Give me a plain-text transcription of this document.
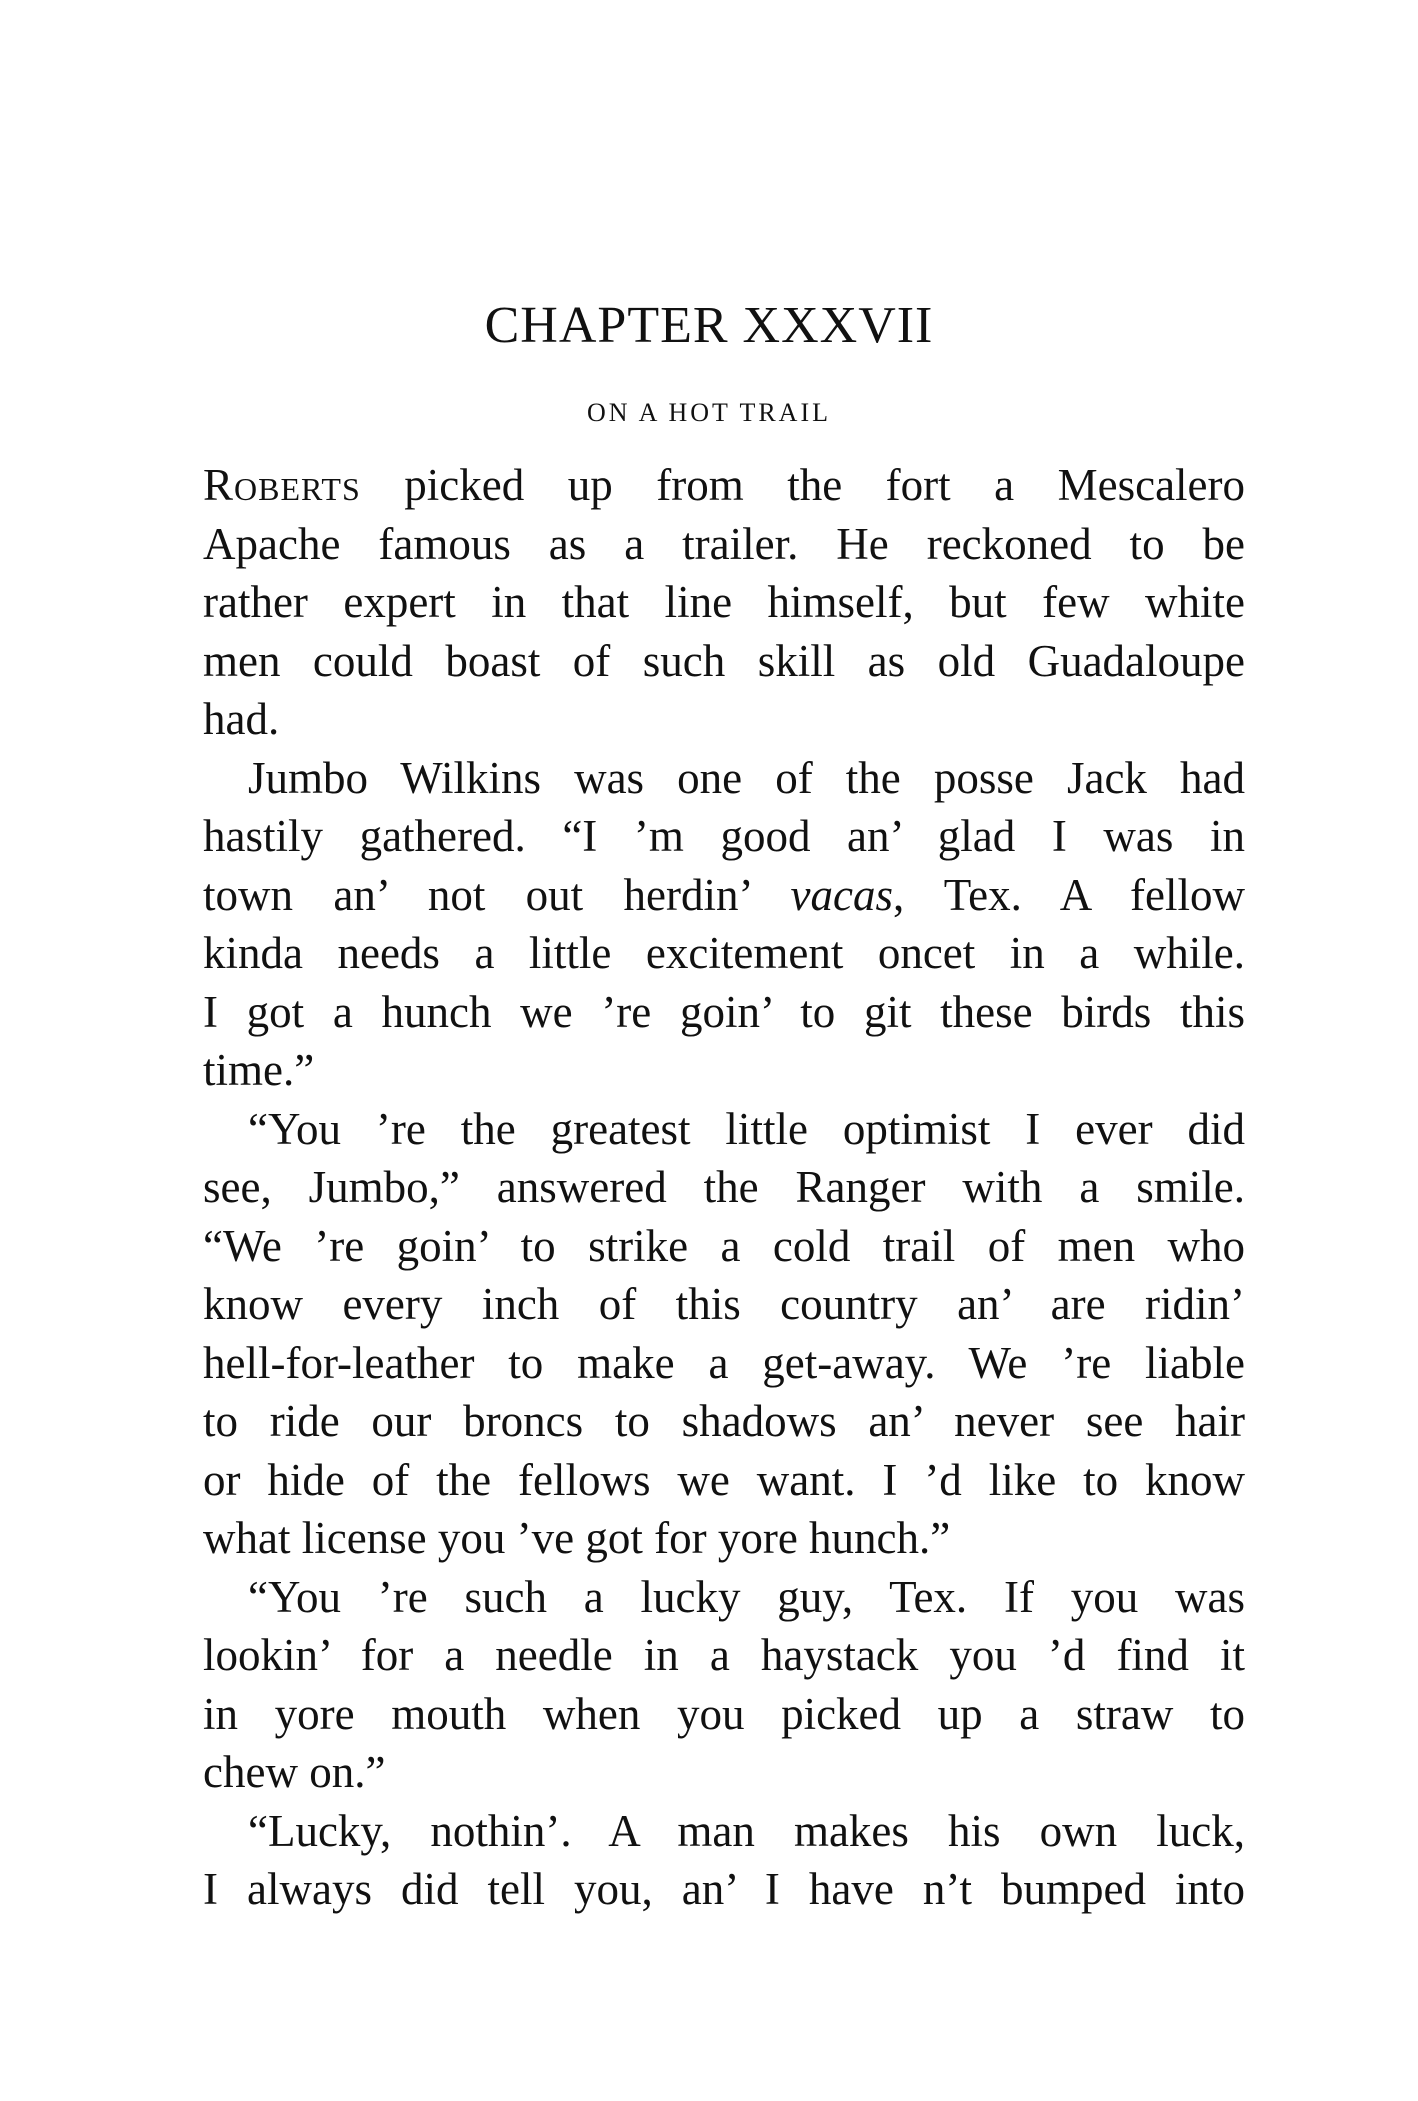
CHAPTER XXXVII
ON A HOT TRAIL
Roberts picked up from the fort a Mescalero
Apache famous as a trailer. He reckoned to be
rather expert in that line himself, but few white
men could boast of such skill as old Guadaloupe
had.
Jumbo Wilkins was one of the posse Jack had
hastily gathered. “I ’m good an’ glad I was in
town an’ not out herdin’ vacas, Tex. A fellow
kinda needs a little excitement oncet in a while.
I got a hunch we ’re goin’ to git these birds this
time.”
“You ’re the greatest little optimist I ever did
see, Jumbo,” answered the Ranger with a smile.
“We ’re goin’ to strike a cold trail of men who
know every inch of this country an’ are ridin’
hell-for-leather to make a get-away. We ’re liable
to ride our broncs to shadows an’ never see hair
or hide of the fellows we want. I ’d like to know
what license you ’ve got for yore hunch.”
“You ’re such a lucky guy, Tex. If you was
lookin’ for a needle in a haystack you ’d find it
in yore mouth when you picked up a straw to
chew on.”
“Lucky, nothin’. A man makes his own luck,
I always did tell you, an’ I have n’t bumped into
